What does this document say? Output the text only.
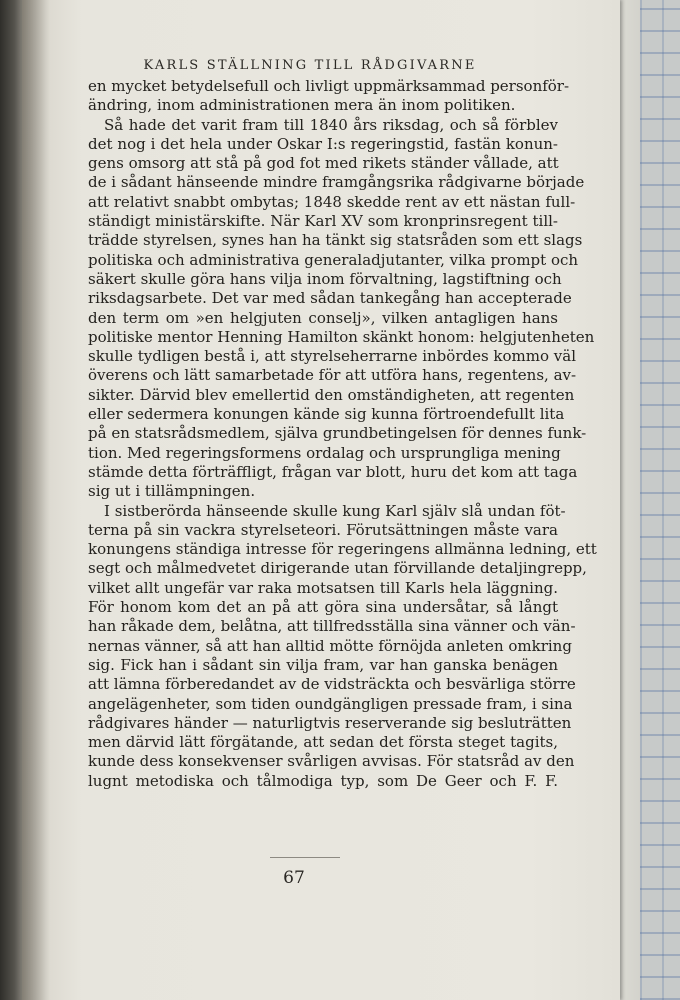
KARLS STÄLLNING TILL RÅDGIVARNE
en mycket betydelsefull och livligt uppmärksammad personför-
ändring, inom administrationen mera än inom politiken.
Så hade det varit fram till 1840 års riksdag, och så förblev
det nog i det hela under Oskar I:s regeringstid, fastän konun-
gens omsorg att stå på god fot med rikets ständer vållade, att
de i sådant hänseende mindre framgångsrika rådgivarne började
att relativt snabbt ombytas; 1848 skedde rent av ett nästan full-
ständigt ministärskifte. När Karl XV som kronprinsregent till-
trädde styrelsen, synes han ha tänkt sig statsråden som ett slags
politiska och administrativa generaladjutanter, vilka prompt och
säkert skulle göra hans vilja inom förvaltning, lagstiftning och
riksdagsarbete. Det var med sådan tankegång han accepterade
den term om »en helgjuten conselj», vilken antagligen hans
politiske mentor Henning Hamilton skänkt honom: helgjutenheten
skulle tydligen bestå i, att styrelseherrarne inbördes kommo väl
överens och lätt samarbetade för att utföra hans, regentens, av-
sikter. Därvid blev emellertid den omständigheten, att regenten
eller sedermera konungen kände sig kunna förtroendefullt lita
på en statsrådsmedlem, själva grundbetingelsen för dennes funk-
tion. Med regeringsformens ordalag och ursprungliga mening
stämde detta förträffligt, frågan var blott, huru det kom att taga
sig ut i tillämpningen.
I sistberörda hänseende skulle kung Karl själv slå undan föt-
terna på sin vackra styrelseteori. Förutsättningen måste vara
konungens ständiga intresse för regeringens allmänna ledning, ett
segt och målmedvetet dirigerande utan förvillande detaljingrepp,
vilket allt ungefär var raka motsatsen till Karls hela läggning.
För honom kom det an på att göra sina undersåtar, så långt
han råkade dem, belåtna, att tillfredsställa sina vänner och vän-
nernas vänner, så att han alltid mötte förnöjda anleten omkring
sig. Fick han i sådant sin vilja fram, var han ganska benägen
att lämna förberedandet av de vidsträckta och besvärliga större
angelägenheter, som tiden oundgängligen pressade fram, i sina
rådgivares händer — naturligtvis reserverande sig besluträtten
men därvid lätt förgätande, att sedan det första steget tagits,
kunde dess konsekvenser svårligen avvisas. För statsråd av den
lugnt metodiska och tålmodiga typ, som De Geer och F. F.
67
